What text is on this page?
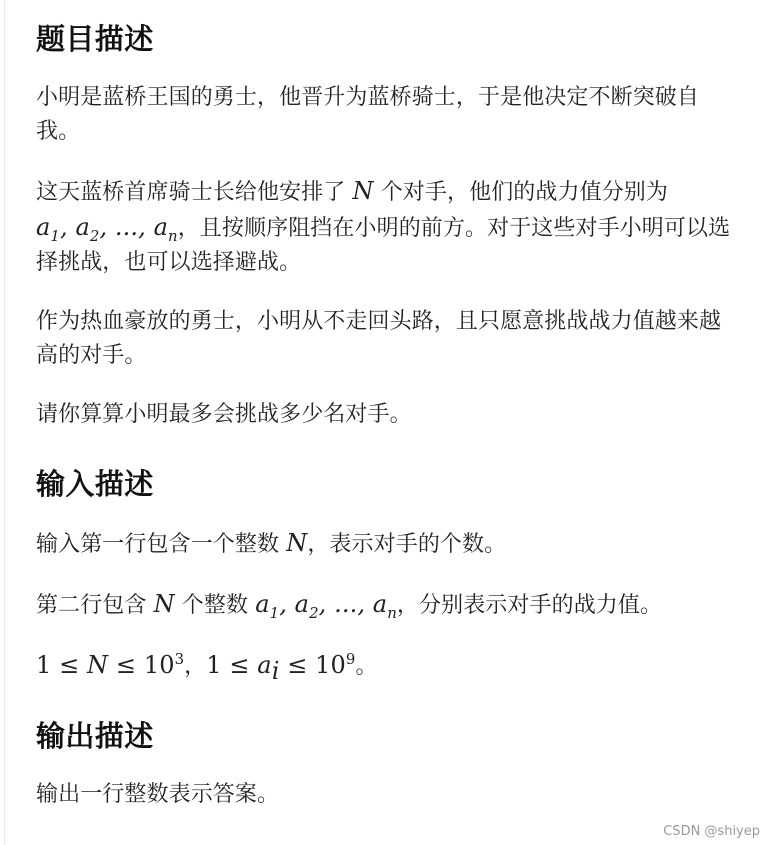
题目描述

小明是蓝桥王国的勇士，他晋升为蓝桥骑士，于是他决定不断突破自
我。

这天蓝桥首席骑士长给他安排了 N 个对手，他们的战力值分别为
$a_1$, $a_2$, ..., $a_n$，且按顺序阻挡在小明的前方。对于这些对手小明可以选
择挑战，也可以选择避战。

作为热血豪放的勇士，小明从不走回头路，且只愿意挑战战力值越来越
高的对手。

请你算算小明最多会挑战多少名对手。

输入描述

输入第一行包含一个整数 N，表示对手的个数。

第二行包含 N 个整数 $a_1$, $a_2$, ..., $a_n$，分别表示对手的战力值。

$1 \le N \le 10^3$，$1 \le a_i \le 10^9$。

输出描述

输出一行整数表示答案。

CSDN @shiyep
